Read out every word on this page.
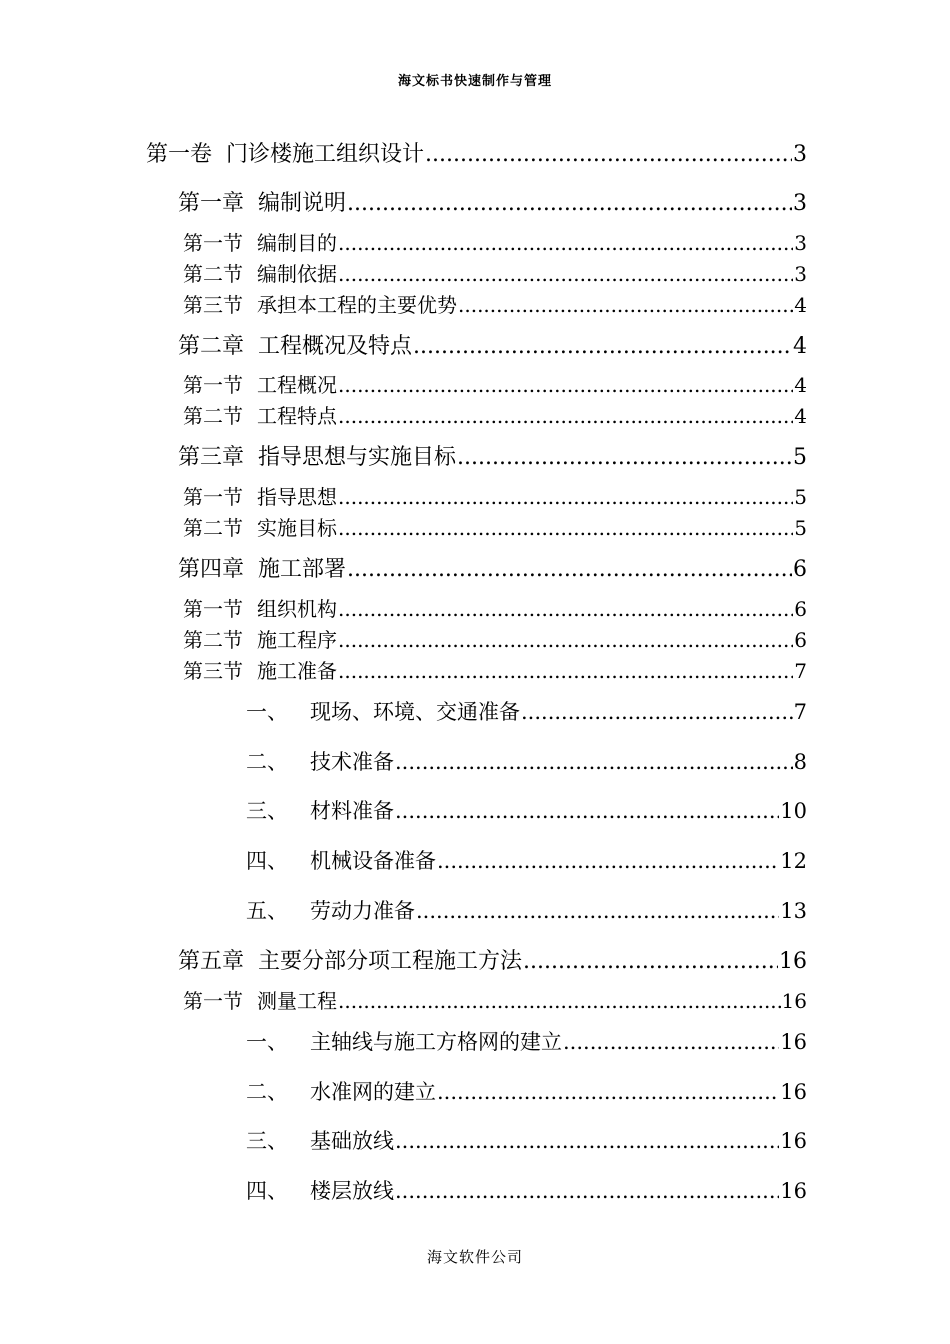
海文标书快速制作与管理
第一卷 门诊楼施工组织设计 .....	3
第一章 编制说明 .....	3
第一节 编制目的 .....	3
第二节 编制依据 .....	3
第三节 承担本工程的主要优势 .....	4
第二章 工程概况及特点 .....	4
第一节 工程概况 .....	4
第二节 工程特点 .....	4
第三章 指导思想与实施目标 .....	5
第一节 指导思想 .....	5
第二节 实施目标 .....	5
第四章 施工部署 .....	6
第一节 组织机构 .....	6
第二节 施工程序 .....	6
第三节 施工准备 .....	7
一、 现场、环境、交通准备 .....	7
二、 技术准备 .....	8
三、 材料准备 .....	10
四、 机械设备准备 .....	12
五、 劳动力准备 .....	13
第五章 主要分部分项工程施工方法 .....	16
第一节 测量工程 .....	16
一、 主轴线与施工方格网的建立 .....	16
二、 水准网的建立 .....	16
三、 基础放线 .....	16
四、 楼层放线 .....	16
海文软件公司
